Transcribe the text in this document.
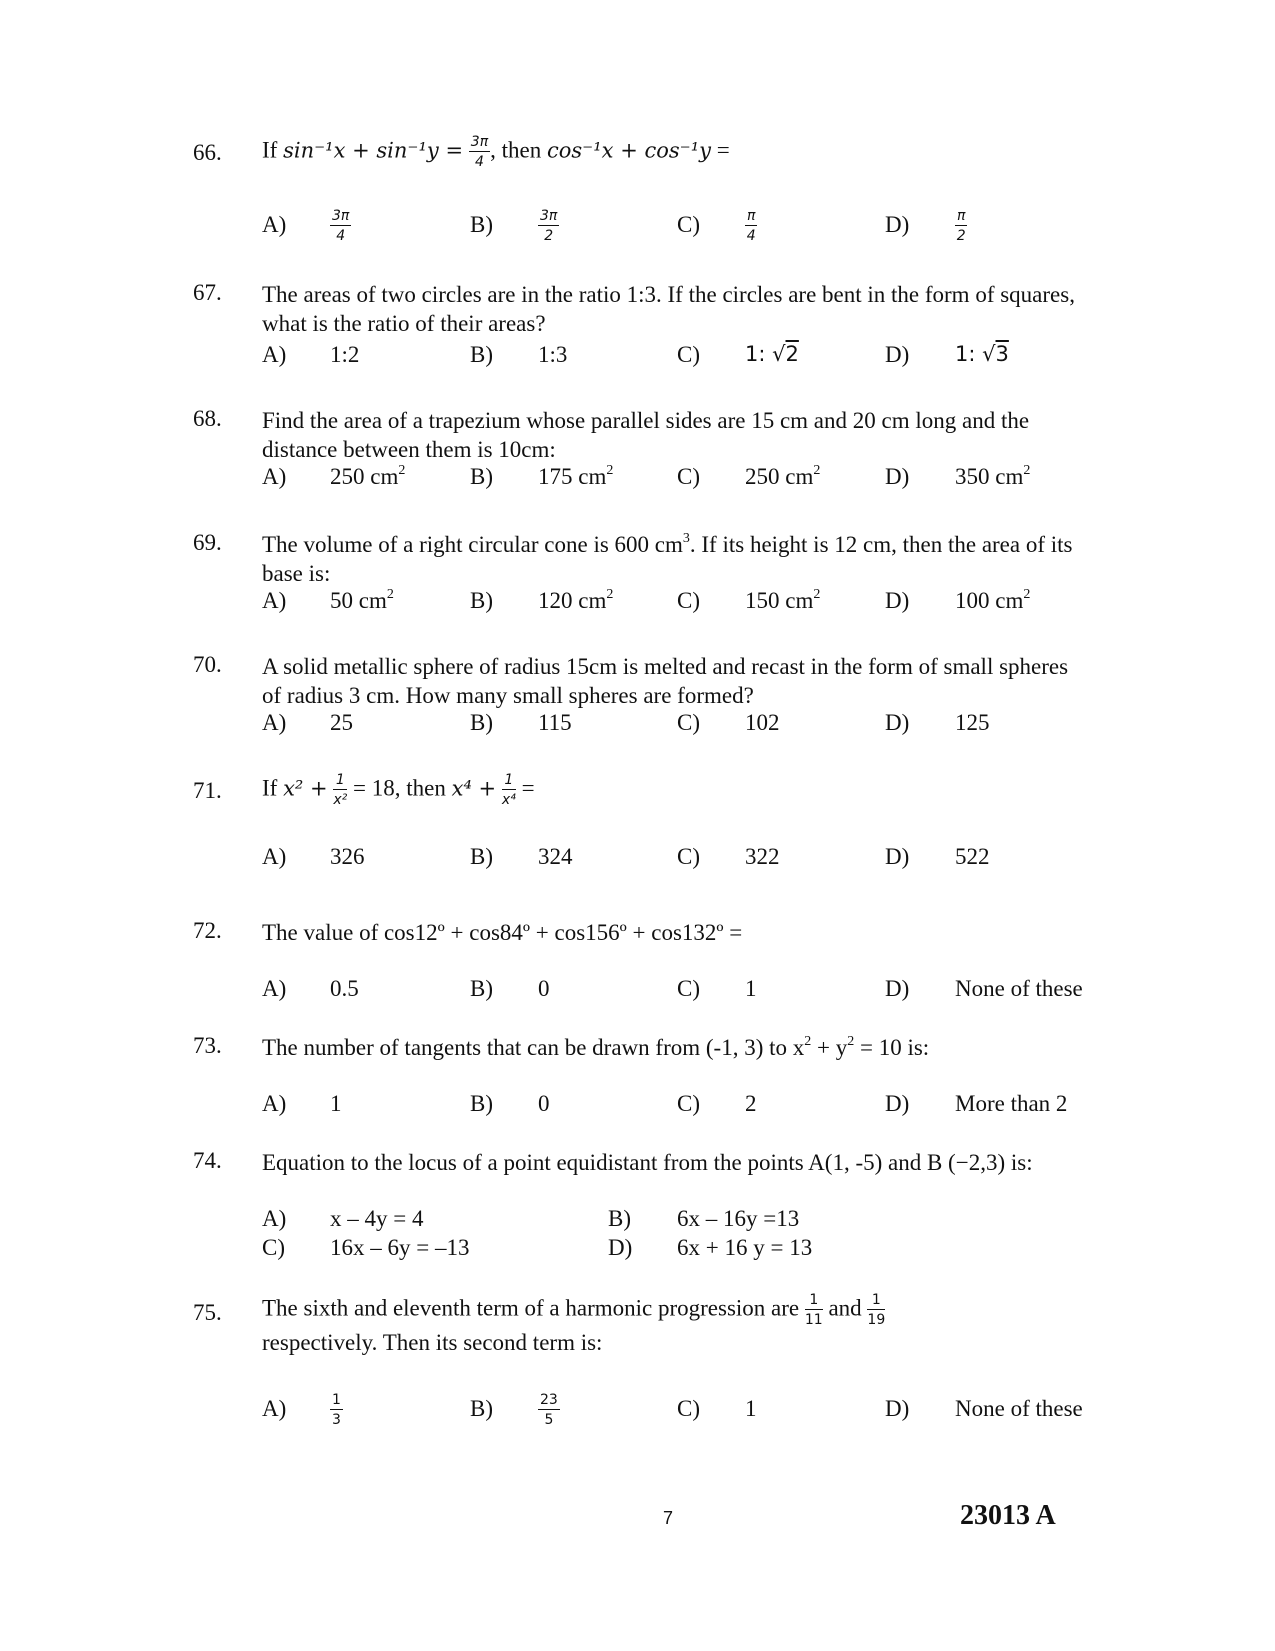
66. If $\sin^{-1}x + \sin^{-1}y = \frac{3\pi}{4}$ , then cos⁻¹x + cos⁻¹y =
A)	$\frac{3\pi}{4}$	B)	$\frac{3\pi}{2}$	C)	$\frac{\pi}{4}$	D)	$\frac{\pi}{2}$
67. The areas of two circles are in the ratio 1:3. If the circles are bent in the form of squares, what is the ratio of their areas?
A) 1:2	B) 1:3	C) 1: √2	D) 1: √3
68. Find the area of a trapezium whose parallel sides are 15 cm and 20 cm long and the distance between them is 10cm:
A) 250 $cm^2$	B) 175 $cm^2$	C) 250 $cm^2$	D) 350 $cm^2$
69. The volume of a right circular cone is 600 $cm^3$. If its height is 12 cm, then the area of its base is:
A) 50 $cm^2$	B) 120 $cm^2$	C) 150 $cm^2$	D) 100 $cm^2$
70. A solid metallic sphere of radius 15cm is melted and recast in the form of small spheres of radius 3 cm. How many small spheres are formed?
A) 25	B) 115	C) 102	D) 125
71. If $x^2 + \frac{1}{\text{x²}} = 18$, then $x^4 + \frac{1}{\text{x⁴}}$ =
A) 326	B) 324	C) 322	D) 522
72. The value of cos12º + cos84º + cos156º + cos132º =
A) 0.5	B) 0	C) 1	D) None of these
73. The number of tangents that can be drawn from (-1, 3) to $x^2 + y^2 = 10$ is:
A) 1	B) 0	C) 2	D) More than 2
74. Equation to the locus of a point equidistant from the points A(1, -5) and B (−2,3) is:
A) x – 4y = 4	B) 6x – 16y =13
C) 16x – 6y = –13	D) 6x + 16 y = 13
75. The sixth and eleventh term of a harmonic progression are $\frac{1}{11}$ and $\frac{1}{19}$

respectively. Then its second term is:
A)	$\frac{1}{3}$	B)	$\frac{23}{5}$	C) 1	D) None of these
7	23013 A
